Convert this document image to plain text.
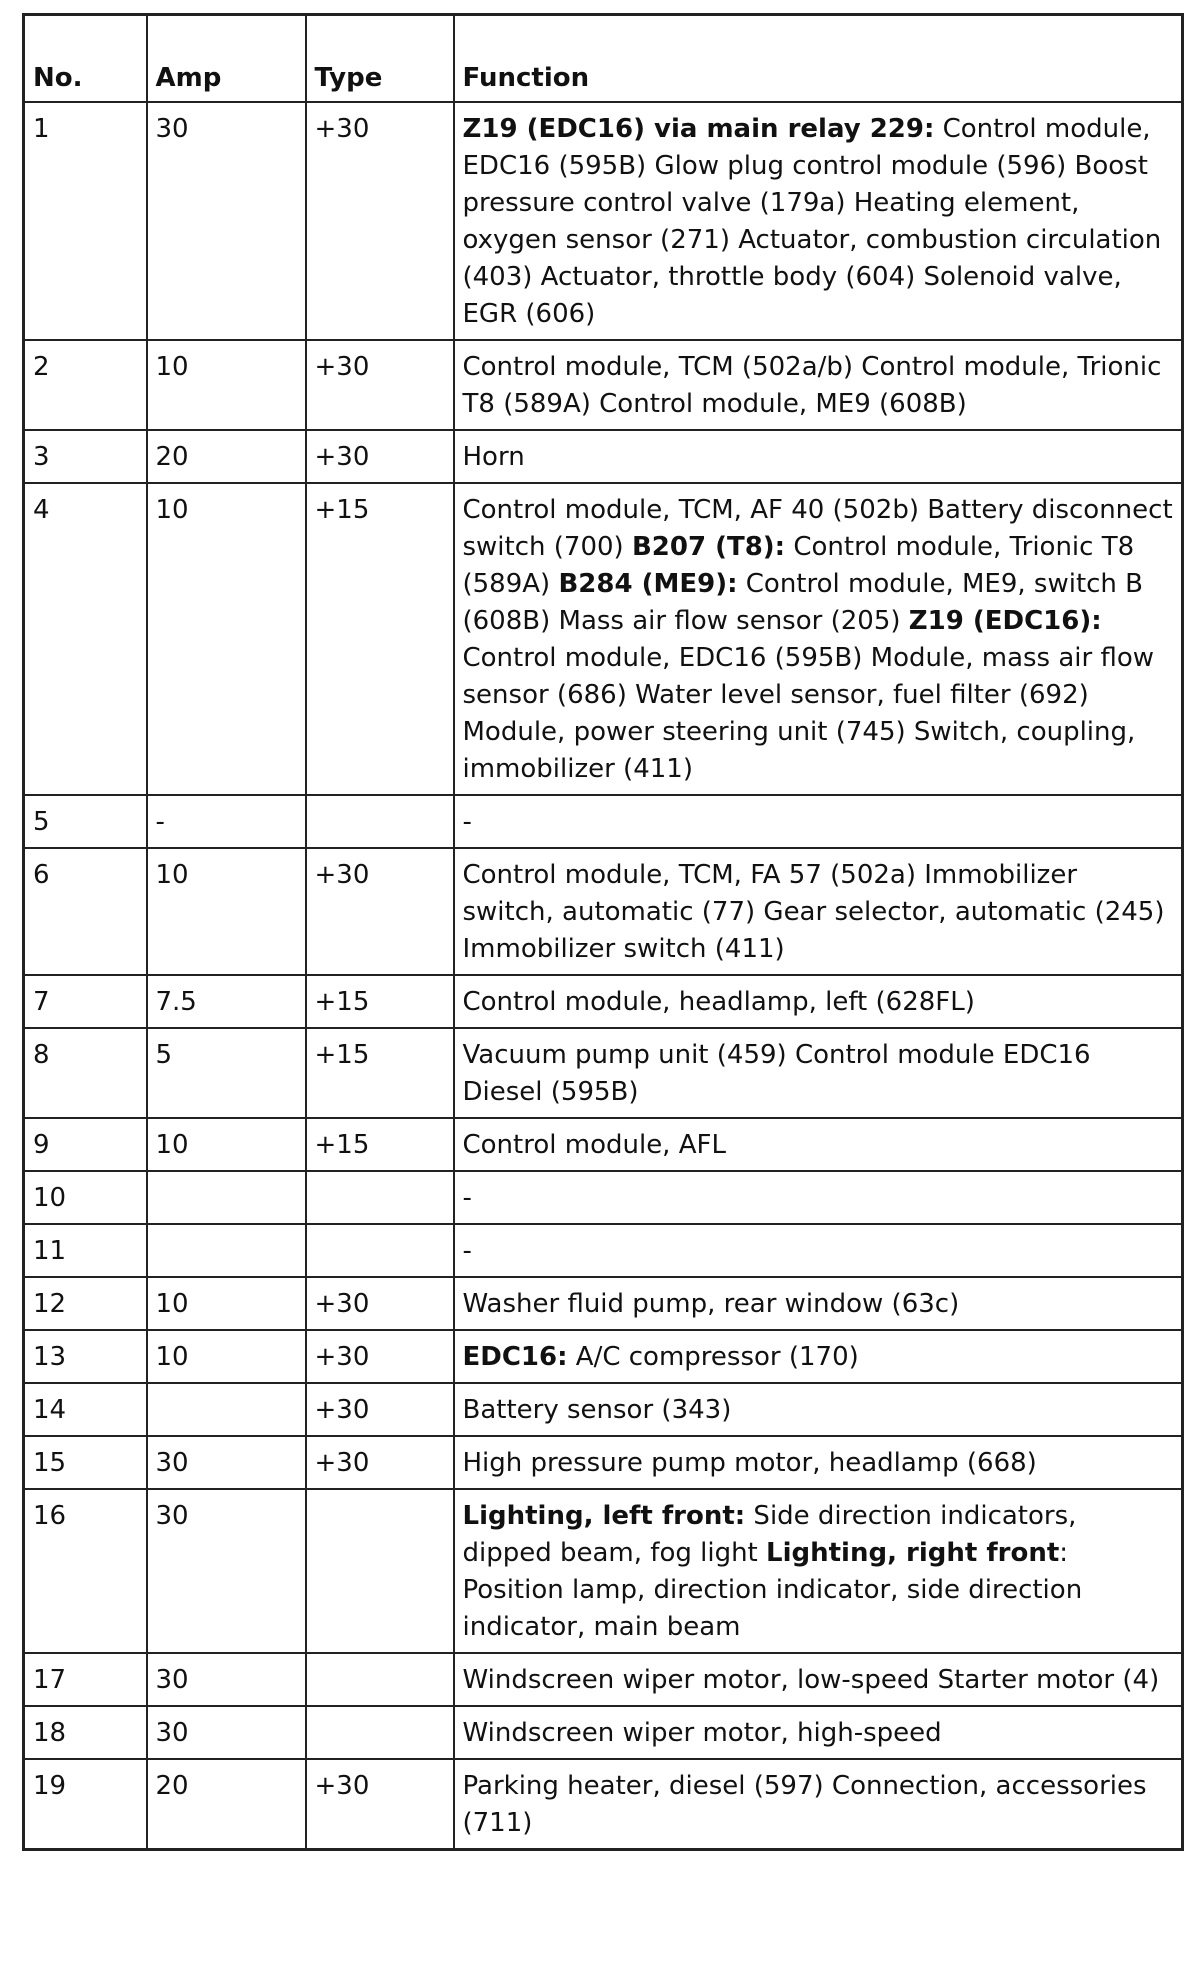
No.	Amp	Type	Function
1	30	+30	Z19 (EDC16) via main relay 229: Control module, EDC16 (595B) Glow plug control module (596) Boost pressure control valve (179a) Heating element, oxygen sensor (271) Actuator, combustion circulation (403) Actuator, throttle body (604) Solenoid valve, EGR (606)
2	10	+30	Control module, TCM (502a/b) Control module, Trionic T8 (589A) Control module, ME9 (608B)
3	20	+30	Horn
4	10	+15	Control module, TCM, AF 40 (502b) Battery disconnect switch (700) B207 (T8): Control module, Trionic T8 (589A) B284 (ME9): Control module, ME9, switch B (608B) Mass air flow sensor (205) Z19 (EDC16): Control module, EDC16 (595B) Module, mass air flow sensor (686) Water level sensor, fuel filter (692) Module, power steering unit (745) Switch, coupling, immobilizer (411)
5	-		-
6	10	+30	Control module, TCM, FA 57 (502a) Immobilizer switch, automatic (77) Gear selector, automatic (245) Immobilizer switch (411)
7	7.5	+15	Control module, headlamp, left (628FL)
8	5	+15	Vacuum pump unit (459) Control module EDC16 Diesel (595B)
9	10	+15	Control module, AFL
10			-
11			-
12	10	+30	Washer fluid pump, rear window (63c)
13	10	+30	EDC16: A/C compressor (170)
14		+30	Battery sensor (343)
15	30	+30	High pressure pump motor, headlamp (668)
16	30		Lighting, left front: Side direction indicators, dipped beam, fog light Lighting, right front: Position lamp, direction indicator, side direction indicator, main beam
17	30		Windscreen wiper motor, low-speed Starter motor (4)
18	30		Windscreen wiper motor, high-speed
19	20	+30	Parking heater, diesel (597) Connection, accessories (711)
